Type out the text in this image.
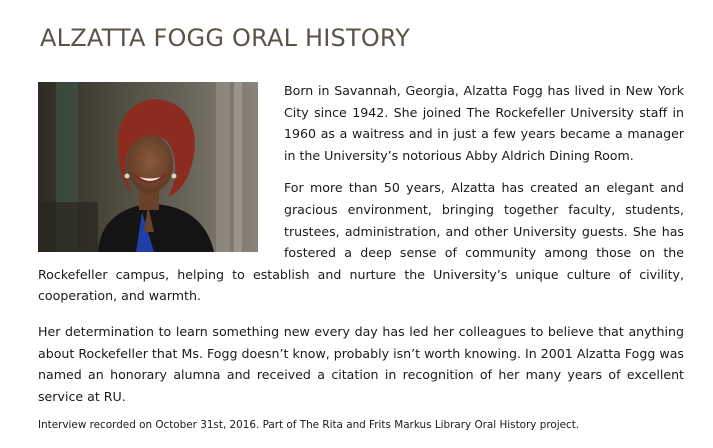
ALZATTA FOGG ORAL HISTORY

Born in Savannah, Georgia, Alzatta Fogg has lived in New York City since 1942. She joined The Rockefeller University staff in 1960 as a waitress and in just a few years became a manager in the University’s notorious Abby Aldrich Dining Room.

For more than 50 years, Alzatta has created an elegant and gracious environment, bringing together faculty, students, trustees, administration, and other University guests. She has fostered a deep sense of community among those on the Rockefeller campus, helping to establish and nurture the University’s unique culture of civility, cooperation, and warmth.

Her determination to learn something new every day has led her colleagues to believe that anything about Rockefeller that Ms. Fogg doesn’t know, probably isn’t worth knowing. In 2001 Alzatta Fogg was named an honorary alumna and received a citation in recognition of her many years of excellent service at RU.

Interview recorded on October 31st, 2016. Part of The Rita and Frits Markus Library Oral History project.
